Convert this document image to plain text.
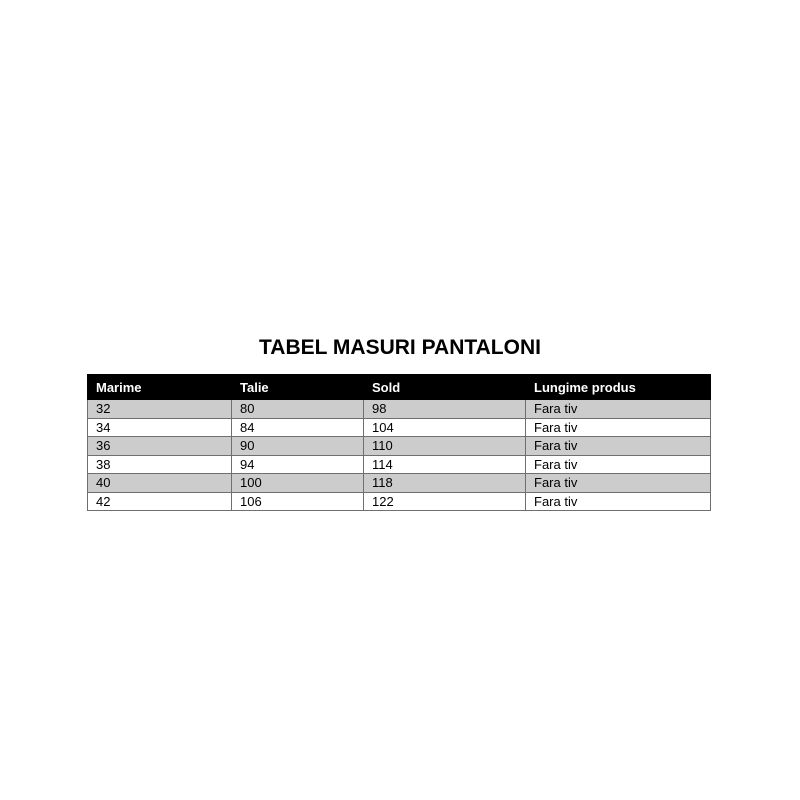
TABEL MASURI PANTALONI
Marime	Talie	Sold	Lungime produs
32	80	98	Fara tiv
34	84	104	Fara tiv
36	90	110	Fara tiv
38	94	114	Fara tiv
40	100	118	Fara tiv
42	106	122	Fara tiv
